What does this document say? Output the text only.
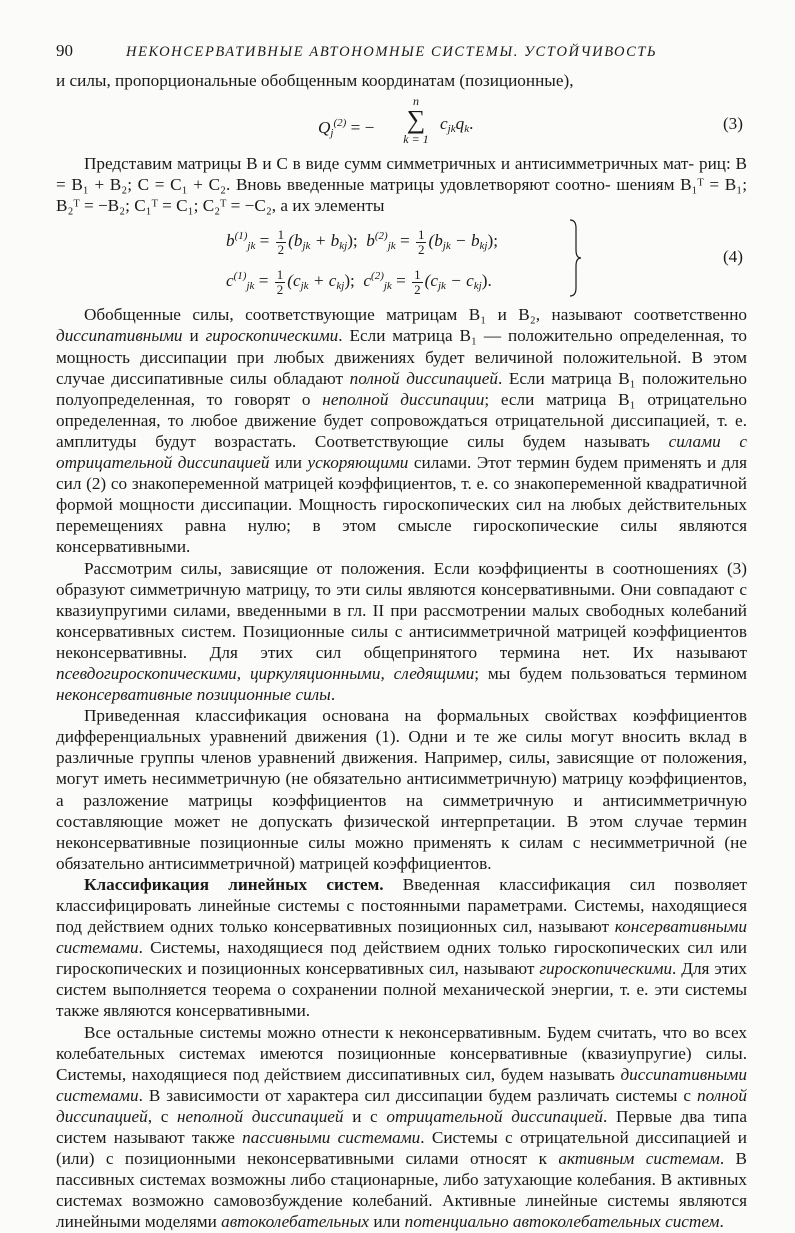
90	НЕКОНСЕРВАТИВНЫЕ АВТОНОМНЫЕ СИСТЕМЫ. УСТОЙЧИВОСТЬ

и силы, пропорциональные обобщенным координатам (позиционные),

$Q_j^{(2)}$ = −
n
∑
k = 1
$c_{jk}q_k$.	(3)

Представим матрицы B и C в виде сумм симметричных и антисимметричных мат- риц: B = B₁ + B₂; C = C₁ + C₂. Вновь введенные матрицы удовлетворяют соотно- шениям B₁ᵀ = B₁; B₂ᵀ = −B₂; C₁ᵀ = C₁; C₂ᵀ = −C₂, а их элементы

$b^{(1)}_{jk} = \frac{1}{2} (b_{jk} + b_{kj})$; $b^{(2)}_{jk} = \frac{1}{2} (b_{jk} - b_{kj})$;
$c^{(1)}_{jk} = \frac{1}{2} (c_{jk} + c_{kj})$; $c^{(2)}_{jk} = \frac{1}{2} (c_{jk} - c_{kj})$.
(4)

Обобщенные силы, соответствующие матрицам B₁ и B₂, называют соответственно диссипативными и гироскопическими. Если матрица B₁ — положительно определенная, то мощность диссипации при любых движениях будет величиной положительной. В этом случае диссипативные силы обладают полной диссипацией. Если матрица B₁ положительно полуопределенная, то говорят о неполной диссипации; если матрица B₁ отрицательно определенная, то любое движение будет сопровождаться отрицательной диссипацией, т. е. амплитуды будут возрастать. Соответствующие силы будем называть силами с отрицательной диссипацией или ускоряющими силами. Этот термин будем применять и для сил (2) со знакопеременной матрицей коэффициентов, т. е. со знакопеременной квадратичной формой мощности диссипации. Мощность гироскопических сил на любых действительных перемещениях равна нулю; в этом смысле гироскопические силы являются консервативными.

Рассмотрим силы, зависящие от положения. Если коэффициенты в соотношениях (3) образуют симметричную матрицу, то эти силы являются консервативными. Они совпадают с квазиупругими силами, введенными в гл. II при рассмотрении малых свободных колебаний консервативных систем. Позиционные силы с антисимметричной матрицей коэффициентов неконсервативны. Для этих сил общепринятого термина нет. Их называют псевдогироскопическими, циркуляционными, следящими; мы будем пользоваться термином неконсервативные позиционные силы.

Приведенная классификация основана на формальных свойствах коэффициентов дифференциальных уравнений движения (1). Одни и те же силы могут вносить вклад в различные группы членов уравнений движения. Например, силы, зависящие от положения, могут иметь несимметричную (не обязательно антисимметричную) матрицу коэффициентов, а разложение матрицы коэффициентов на симметричную и антисимметричную составляющие может не допускать физической интерпретации. В этом случае термин неконсервативные позиционные силы можно применять к силам с несимметричной (не обязательно антисимметричной) матрицей коэффициентов.

Классификация линейных систем. Введенная классификация сил позволяет классифицировать линейные системы с постоянными параметрами. Системы, находящиеся под действием одних только консервативных позиционных сил, называют консервативными системами. Системы, находящиеся под действием одних только гироскопических сил или гироскопических и позиционных консервативных сил, называют гироскопическими. Для этих систем выполняется теорема о сохранении полной механической энергии, т. е. эти системы также являются консервативными.

Все остальные системы можно отнести к неконсервативным. Будем считать, что во всех колебательных системах имеются позиционные консервативные (квазиупругие) силы. Системы, находящиеся под действием диссипативных сил, будем называть диссипативными системами. В зависимости от характера сил диссипации будем различать системы с полной диссипацией, с неполной диссипацией и с отрицательной диссипацией. Первые два типа систем называют также пассивными системами. Системы с отрицательной диссипацией и (или) с позиционными неконсервативными силами относят к активным системам. В пассивных системах возможны либо стационарные, либо затухающие колебания. В активных системах возможно самовозбуждение колебаний. Активные линейные системы являются линейными моделями автоколебательных или потенциально автоколебательных систем.
